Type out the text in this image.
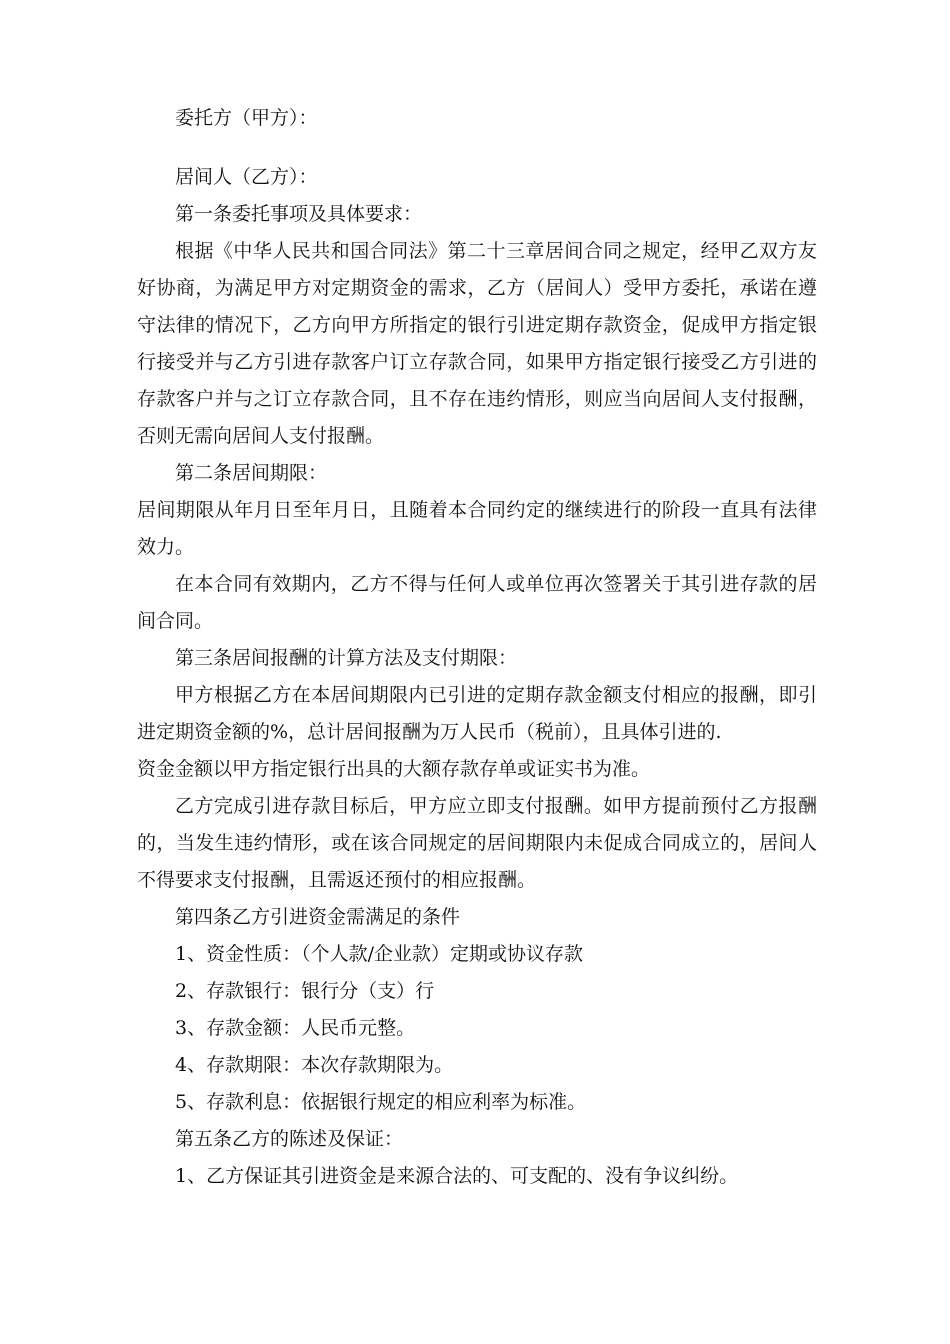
委托方（甲方）：

居间人（乙方）：

第一条委托事项及具体要求：

根据《中华人民共和国合同法》第二十三章居间合同之规定，经甲乙双方友好协商，为满足甲方对定期资金的需求，乙方（居间人）受甲方委托，承诺在遵守法律的情况下，乙方向甲方所指定的银行引进定期存款资金，促成甲方指定银行接受并与乙方引进存款客户订立存款合同，如果甲方指定银行接受乙方引进的存款客户并与之订立存款合同，且不存在违约情形，则应当向居间人支付报酬，否则无需向居间人支付报酬。

第二条居间期限：

居间期限从年月日至年月日，且随着本合同约定的继续进行的阶段一直具有法律效力。

在本合同有效期内，乙方不得与任何人或单位再次签署关于其引进存款的居间合同。

第三条居间报酬的计算方法及支付期限：

甲方根据乙方在本居间期限内已引进的定期存款金额支付相应的报酬，即引进定期资金额的%，总计居间报酬为万人民币（税前），且具体引进的.

资金金额以甲方指定银行出具的大额存款存单或证实书为准。

乙方完成引进存款目标后，甲方应立即支付报酬。如甲方提前预付乙方报酬的，当发生违约情形，或在该合同规定的居间期限内未促成合同成立的，居间人不得要求支付报酬，且需返还预付的相应报酬。

第四条乙方引进资金需满足的条件

1、资金性质：（个人款/企业款）定期或协议存款

2、存款银行：银行分（支）行

3、存款金额：人民币元整。

4、存款期限：本次存款期限为。

5、存款利息：依据银行规定的相应利率为标准。

第五条乙方的陈述及保证：

1、乙方保证其引进资金是来源合法的、可支配的、没有争议纠纷。
